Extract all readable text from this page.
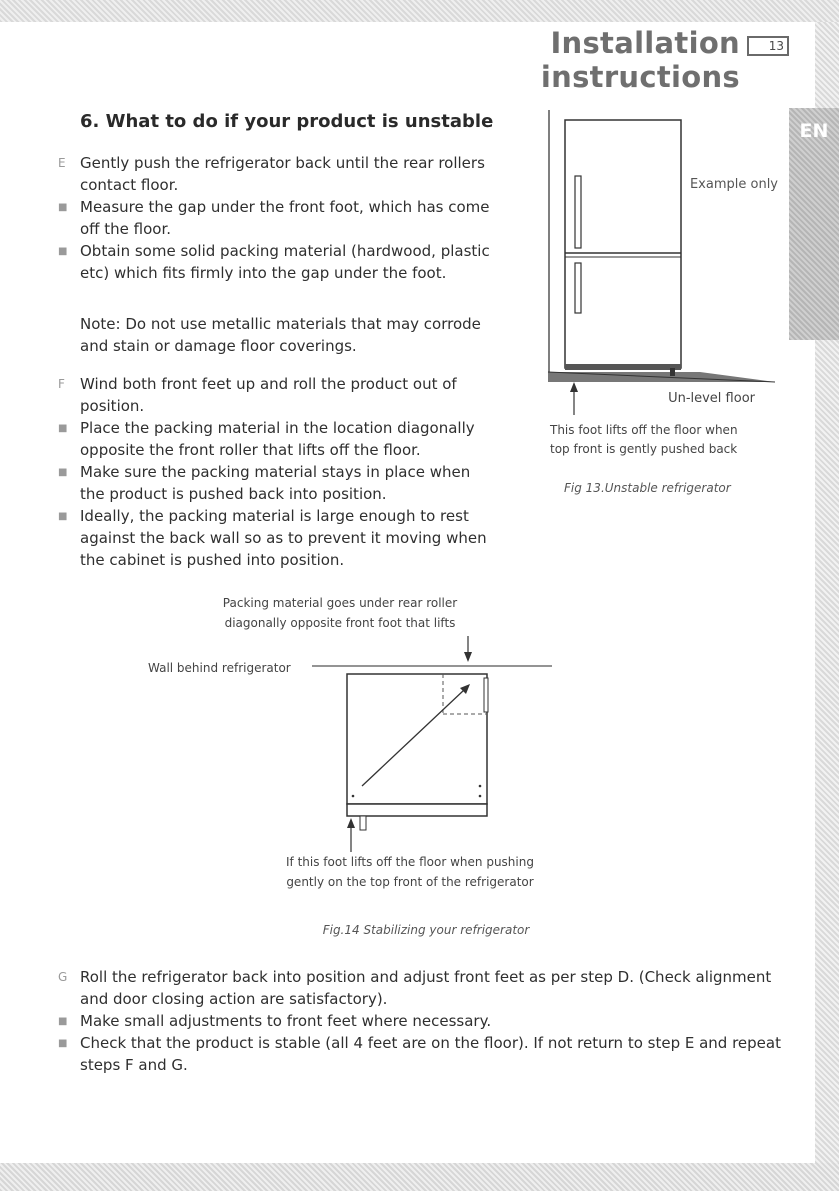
EN
Installation instructions
13
6. What to do if your product is unstable
E Gently push the refrigerator back until the rear rollers contact floor.
■ Measure the gap under the front foot, which has come off the floor.
■ Obtain some solid packing material (hardwood, plastic etc) which fits firmly into the gap under the foot.

Note: Do not use metallic materials that may corrode and stain or damage floor coverings.

F	Wind both front feet up and roll the product out of position.
■ Place the packing material in the location diagonally opposite the front roller that lifts off the floor.
■ Make sure the packing material stays in place when the product is pushed back into position.
■ Ideally, the packing material is large enough to rest against the back wall so as to prevent it moving when the cabinet is pushed into position.
Example only
Un-level floor
This foot lifts off the floor when
top front is gently pushed back
Fig 13.Unstable refrigerator
Packing material goes under rear roller
diagonally opposite front foot that lifts
Wall behind refrigerator
If this foot lifts off the floor when pushing
gently on the top front of the refrigerator
Fig.14 Stabilizing your refrigerator
G Roll the refrigerator back into position and adjust front feet as per step D. (Check alignment and door closing action are satisfactory).
■ Make small adjustments to front feet where necessary.
■ Check that the product is stable (all 4 feet are on the floor). If not return to step E and repeat steps F and G.
